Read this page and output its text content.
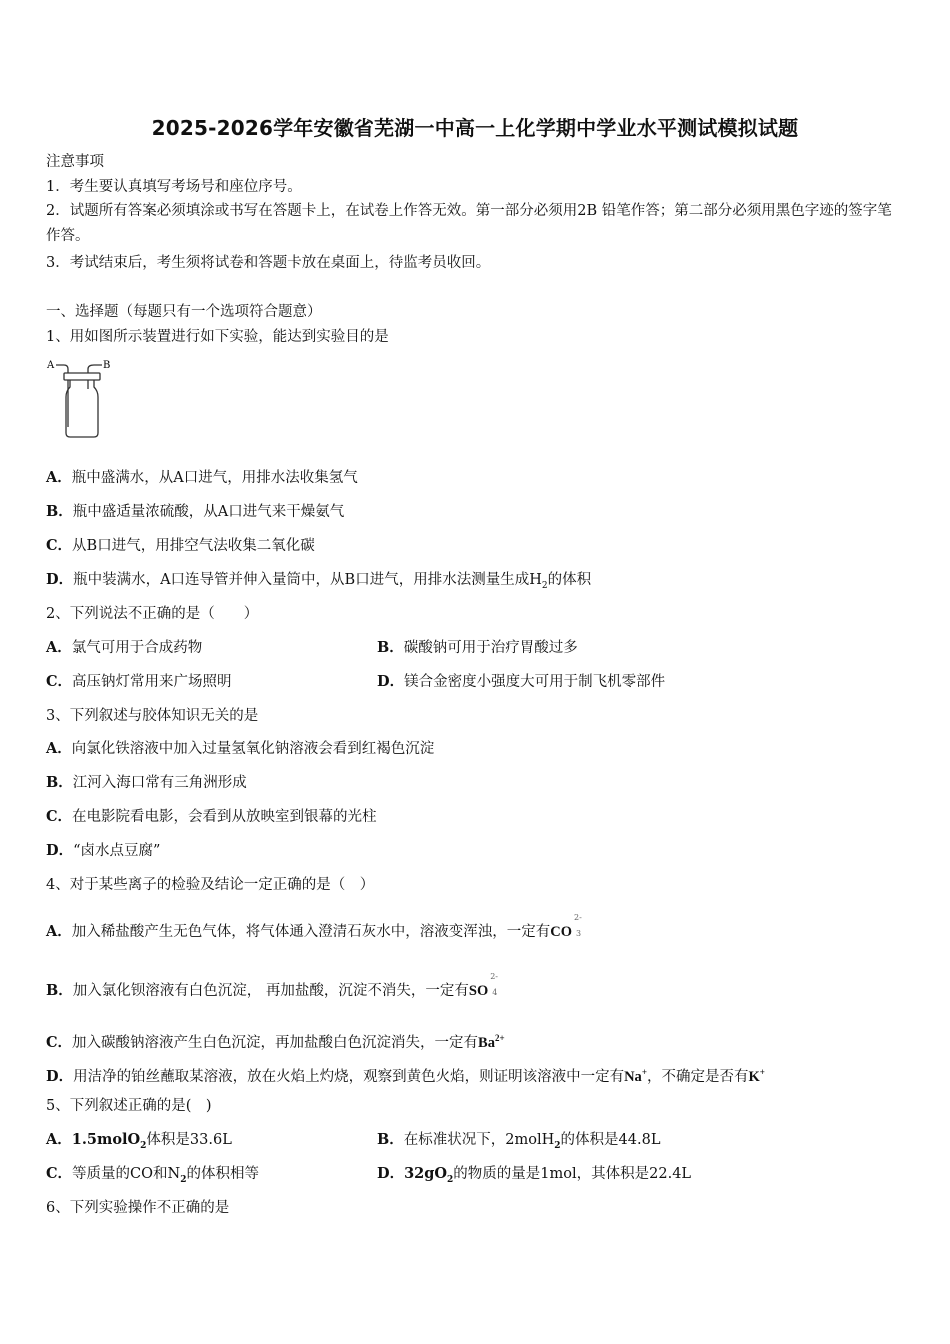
2025-2026学年安徽省芜湖一中高一上化学期中学业水平测试模拟试题
注意事项
1．考生要认真填写考场号和座位序号。
2．试题所有答案必须填涂或书写在答题卡上，在试卷上作答无效。第一部分必须用2B 铅笔作答；第二部分必须用黑色字迹的签字笔作答。
3．考试结束后，考生须将试卷和答题卡放在桌面上，待监考员收回。
一、选择题（每题只有一个选项符合题意）
1、用如图所示装置进行如下实验，能达到实验目的是
A	B
A．瓶中盛满水，从A口进气，用排水法收集氢气
B．瓶中盛适量浓硫酸，从A口进气来干燥氨气
C．从B口进气，用排空气法收集二氧化碳
D．瓶中装满水，A口连导管并伸入量筒中，从B口进气，用排水法测量生成$H_2$的体积
2、下列说法不正确的是（　　）
A．氯气可用于合成药物	B．碳酸钠可用于治疗胃酸过多
C．高压钠灯常用来广场照明	D．镁合金密度小强度大可用于制飞机零部件
3、下列叙述与胶体知识无关的是
A．向氯化铁溶液中加入过量氢氧化钠溶液会看到红褐色沉淀
B．江河入海口常有三角洲形成
C．在电影院看电影，会看到从放映室到银幕的光柱
D．“卤水点豆腐”
4、对于某些离子的检验及结论一定正确的是（　）
A．加入稀盐酸产生无色气体，将气体通入澄清石灰水中，溶液变浑浊，一定有CO
2-
3
B．加入氯化钡溶液有白色沉淀， 再加盐酸，沉淀不消失，一定有SO
2-
4
C．加入碳酸钠溶液产生白色沉淀，再加盐酸白色沉淀消失，一定有$Ba^{2+}$
D．用洁净的铂丝蘸取某溶液，放在火焰上灼烧，观察到黄色火焰，则证明该溶液中一定有Na+，不确定是否有K+
5、下列叙述正确的是(　)
A．1.5molO$_2$体积是33.6L	B．在标准状况下，2molH$_2$的体积是44.8L
C．等质量的CO和$N_2$的体积相等	D．$32gO_2$的物质的量是1mol，其体积是22.4L
6、下列实验操作不正确的是
